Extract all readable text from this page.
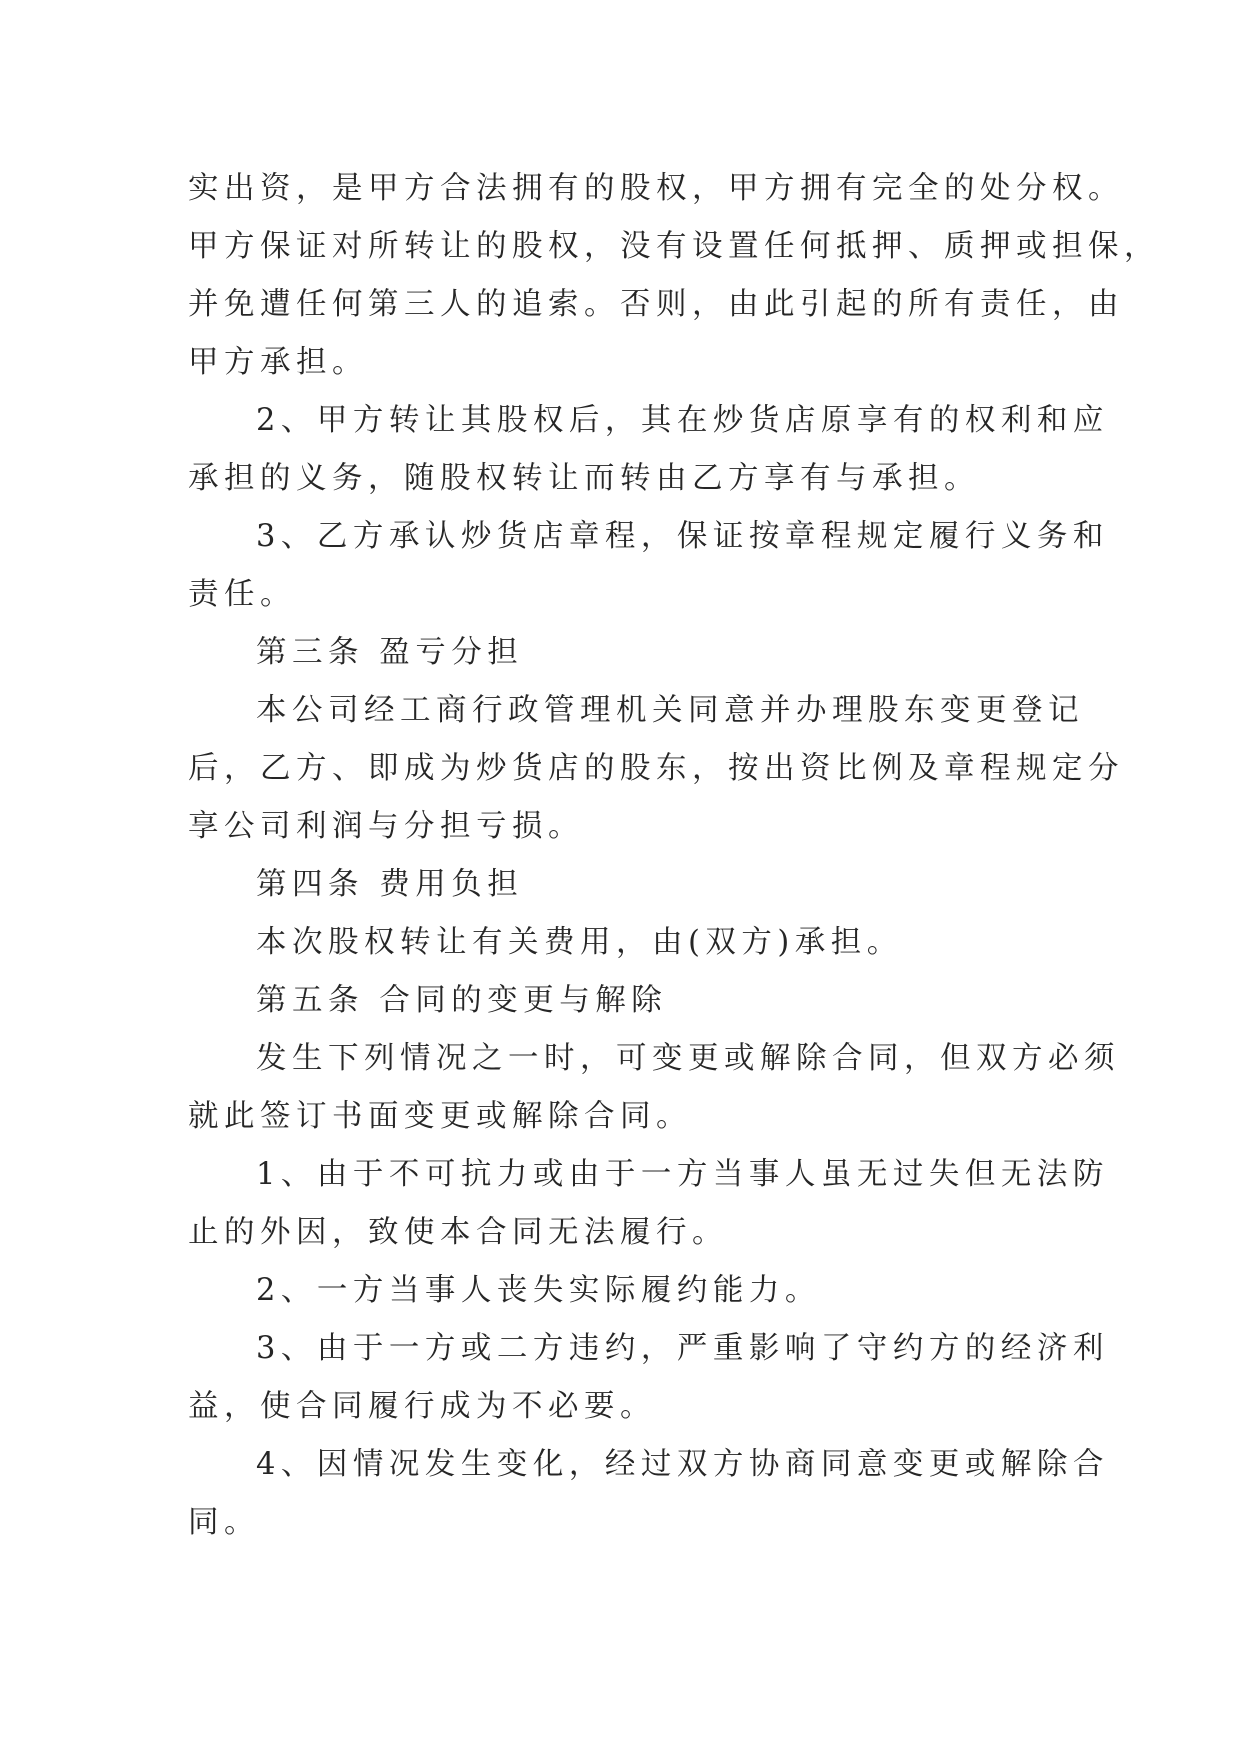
实出资，是甲方合法拥有的股权，甲方拥有完全的处分权。

甲方保证对所转让的股权，没有设置任何抵押、质押或担保，

并免遭任何第三人的追索。否则，由此引起的所有责任，由

甲方承担。

2、甲方转让其股权后，其在炒货店原享有的权利和应

承担的义务，随股权转让而转由乙方享有与承担。

3、乙方承认炒货店章程，保证按章程规定履行义务和

责任。

第三条 盈亏分担

本公司经工商行政管理机关同意并办理股东变更登记

后，乙方、即成为炒货店的股东，按出资比例及章程规定分

享公司利润与分担亏损。

第四条 费用负担

本次股权转让有关费用，由(双方)承担。

第五条 合同的变更与解除

发生下列情况之一时，可变更或解除合同，但双方必须

就此签订书面变更或解除合同。

1、由于不可抗力或由于一方当事人虽无过失但无法防

止的外因，致使本合同无法履行。

2、一方当事人丧失实际履约能力。

3、由于一方或二方违约，严重影响了守约方的经济利

益，使合同履行成为不必要。

4、因情况发生变化，经过双方协商同意变更或解除合

同。
